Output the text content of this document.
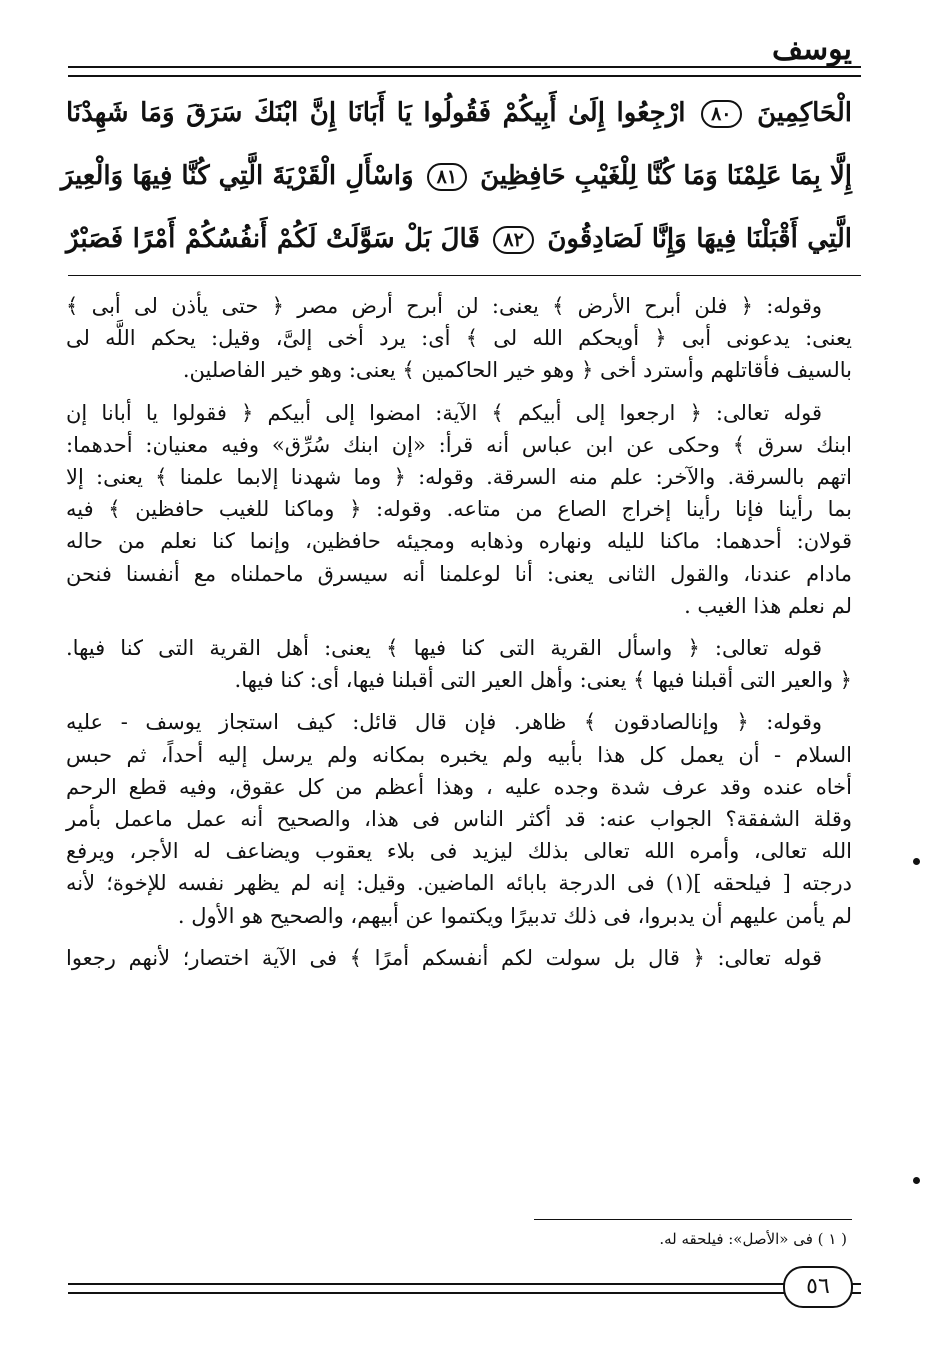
يوسف
الْحَاكِمِينَ ٨٠ ارْجِعُوا إِلَىٰ أَبِيكُمْ فَقُولُوا يَا أَبَانَا إِنَّ ابْنَكَ سَرَقَ وَمَا شَهِدْنَا
إِلَّا بِمَا عَلِمْنَا وَمَا كُنَّا لِلْغَيْبِ حَافِظِينَ ٨١ وَاسْأَلِ الْقَرْيَةَ الَّتِي كُنَّا فِيهَا وَالْعِيرَ
الَّتِي أَقْبَلْنَا فِيهَا وَإِنَّا لَصَادِقُونَ ٨٢ قَالَ بَلْ سَوَّلَتْ لَكُمْ أَنفُسُكُمْ أَمْرًا فَصَبْرٌ
وقوله: ﴿ فلن أبرح الأرض ﴾ يعنى: لن أبرح أرض مصر ﴿ حتى يأذن لى أبى ﴾
يعنى: يدعونى أبى ﴿ أويحكم الله لى ﴾ أى: يرد أخى إلىَّ، وقيل: يحكم اللَّه لى
بالسيف فأقاتلهم وأسترد أخى ﴿ وهو خير الحاكمين ﴾ يعنى: وهو خير الفاصلين.
قوله تعالى: ﴿ ارجعوا إلى أبيكم ﴾ الآية: امضوا إلى أبيكم ﴿ فقولوا يا أبانا إن
ابنك سرق ﴾ وحكى عن ابن عباس أنه قرأ: «إن ابنك سُرِّق» وفيه معنيان: أحدهما:
اتهم بالسرقة. والآخر: علم منه السرقة. وقوله: ﴿ وما شهدنا إلابما علمنا ﴾ يعنى: إلا
بما رأينا فإنا رأينا إخراج الصاع من متاعه. وقوله: ﴿ وماكنا للغيب حافظين ﴾ فيه
قولان: أحدهما: ماكنا لليله ونهاره وذهابه ومجيئه حافظين، وإنما كنا نعلم من حاله
مادام عندنا، والقول الثانى يعنى: أنا لوعلمنا أنه سيسرق ماحملناه مع أنفسنا فنحن
لم نعلم هذا الغيب .
قوله تعالى: ﴿ واسأل القرية التى كنا فيها ﴾ يعنى: أهل القرية التى كنا فيها.
﴿ والعير التى أقبلنا فيها ﴾ يعنى: وأهل العير التى أقبلنا فيها، أى: كنا فيها.
وقوله: ﴿ وإنالصادقون ﴾ ظاهر. فإن قال قائل: كيف استجاز يوسف - عليه
السلام - أن يعمل كل هذا بأبيه ولم يخبره بمكانه ولم يرسل إليه أحداً، ثم حبس
أخاه عنده وقد عرف شدة وجده عليه ، وهذا أعظم من كل عقوق، وفيه قطع الرحم
وقلة الشفقة؟ الجواب عنه: قد أكثر الناس فى هذا، والصحيح أنه عمل ماعمل بأمر
الله تعالى، وأمره الله تعالى بذلك ليزيد فى بلاء يعقوب ويضاعف له الأجر، ويرفع
درجته [ فيلحقه ](١) فى الدرجة بابائه الماضين. وقيل: إنه لم يظهر نفسه للإخوة؛ لأنه
لم يأمن عليهم أن يدبروا، فى ذلك تدبيرًا ويكتموا عن أبيهم، والصحيح هو الأول .
قوله تعالى: ﴿ قال بل سولت لكم أنفسكم أمرًا ﴾ فى الآية اختصار؛ لأنهم رجعوا
( ١ ) فى «الأصل»: فيلحقه له.
٥٦
